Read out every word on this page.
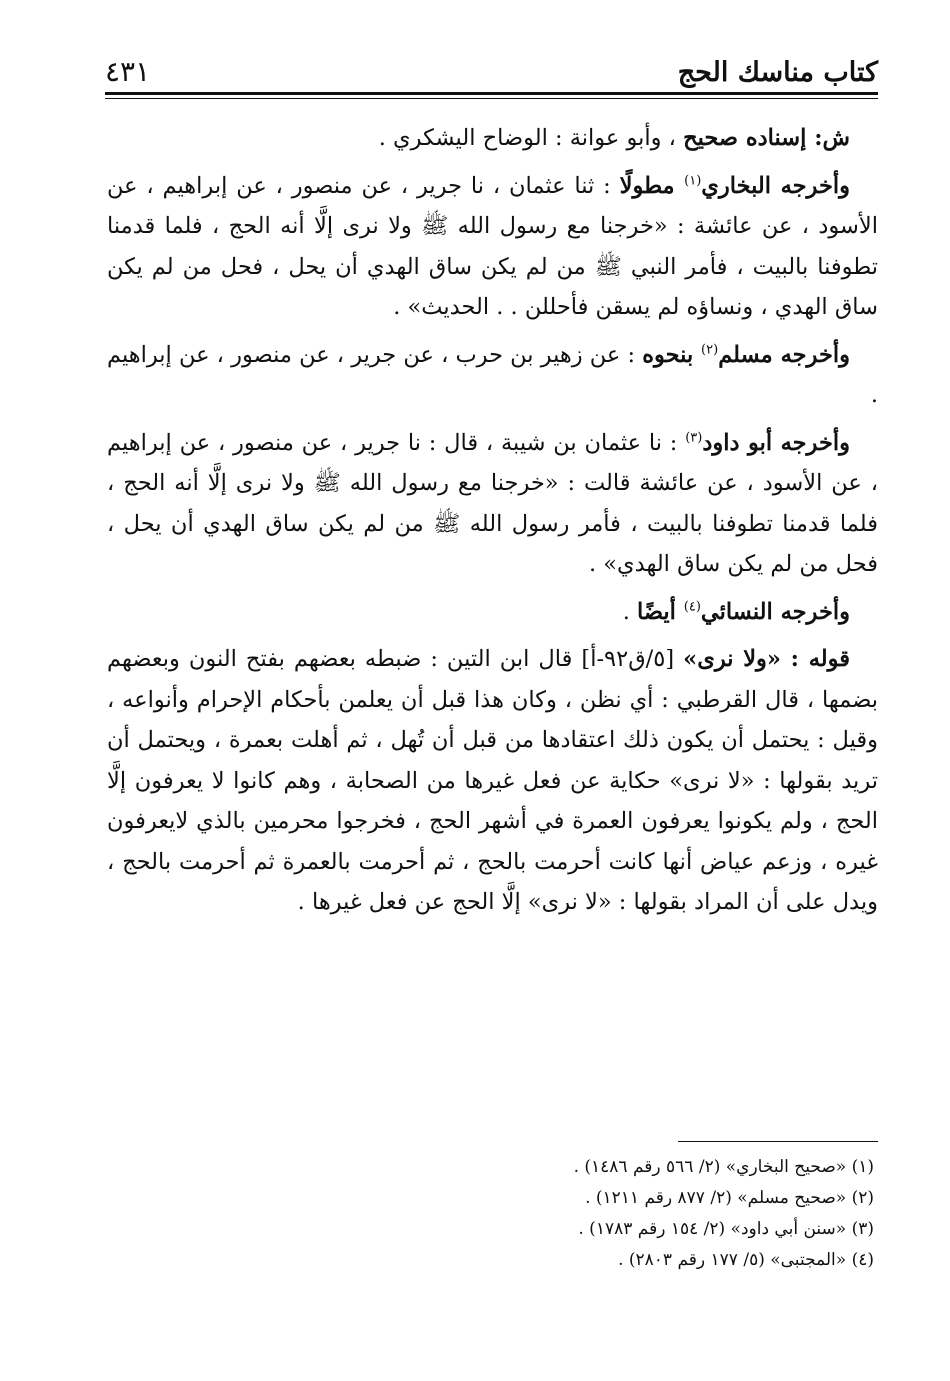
كتاب مناسك الحج
٤٣١

ش: إسناده صحيح ، وأبو عوانة : الوضاح اليشكري .

وأخرجه البخاري$^{(١)}$ مطولًا : ثنا عثمان ، نا جرير ، عن منصور ، عن إبراهيم ، عن الأسود ، عن عائشة : «خرجنا مع رسول الله ﷺ ولا نرى إلَّا أنه الحج ، فلما قدمنا تطوفنا بالبيت ، فأمر النبي ﷺ من لم يكن ساق الهدي أن يحل ، فحل من لم يكن ساق الهدي ، ونساؤه لم يسقن فأحللن . . الحديث» .

وأخرجه مسلم$^{(٢)}$ بنحوه : عن زهير بن حرب ، عن جرير ، عن منصور ، عن إبراهيم .

وأخرجه أبو داود$^{(٣)}$ : نا عثمان بن شيبة ، قال : نا جرير ، عن منصور ، عن إبراهيم ، عن الأسود ، عن عائشة قالت : «خرجنا مع رسول الله ﷺ ولا نرى إلَّا أنه الحج ، فلما قدمنا تطوفنا بالبيت ، فأمر رسول الله ﷺ من لم يكن ساق الهدي أن يحل ، فحل من لم يكن ساق الهدي» .

وأخرجه النسائي$^{(٤)}$ أيضًا .

قوله : «ولا نرى» [٥/ق٩٢-أ] قال ابن التين : ضبطه بعضهم بفتح النون وبعضهم بضمها ، قال القرطبي : أي نظن ، وكان هذا قبل أن يعلمن بأحكام الإحرام وأنواعه ، وقيل : يحتمل أن يكون ذلك اعتقادها من قبل أن تُهل ، ثم أهلت بعمرة ، ويحتمل أن تريد بقولها : «لا نرى» حكاية عن فعل غيرها من الصحابة ، وهم كانوا لا يعرفون إلَّا الحج ، ولم يكونوا يعرفون العمرة في أشهر الحج ، فخرجوا محرمين بالذي لايعرفون غيره ، وزعم عياض أنها كانت أحرمت بالحج ، ثم أحرمت بالعمرة ثم أحرمت بالحج ، ويدل على أن المراد بقولها : «لا نرى» إلَّا الحج عن فعل غيرها .

(١) «صحيح البخاري» (٢/ ٥٦٦ رقم ١٤٨٦) .

(٢) «صحيح مسلم» (٢/ ٨٧٧ رقم ١٢١١) .

(٣) «سنن أبي داود» (٢/ ١٥٤ رقم ١٧٨٣) .

(٤) «المجتبى» (٥/ ١٧٧ رقم ٢٨٠٣) .
